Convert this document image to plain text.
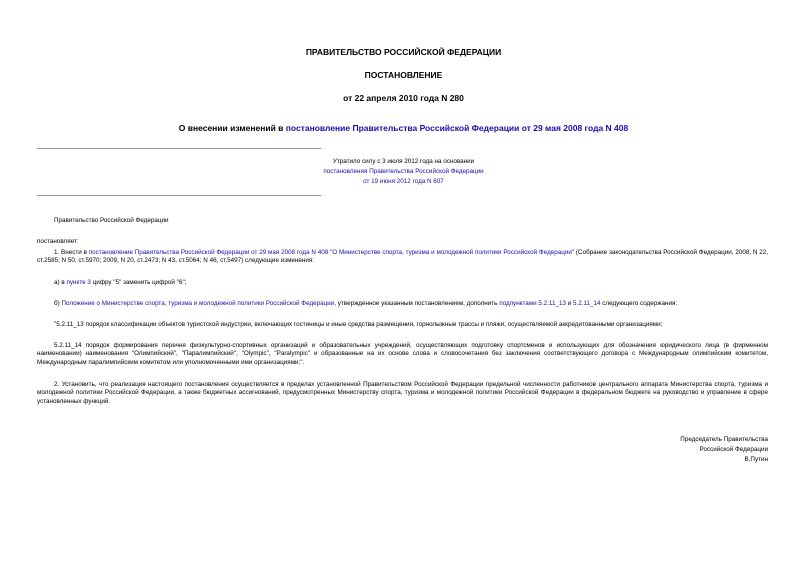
ПРАВИТЕЛЬСТВО РОССИЙСКОЙ ФЕДЕРАЦИИ
ПОСТАНОВЛЕНИЕ
от 22 апреля 2010 года N 280
О внесении изменений в постановление Правительства Российской Федерации от 29 мая 2008 года N 408
Утратило силу с 3 июля 2012 года на основании
постановления Правительства Российской Федерации
от 19 июня 2012 года N 607
Правительство Российской Федерации
постановляет:
1. Внести в постановление Правительства Российской Федерации от 29 мая 2008 года N 408 "О Министерстве спорта, туризма и молодежной политики Российской Федерации" (Собрание законодательства Российской Федерации, 2008, N 22, ст.2585; N 50, ст.5970; 2009, N 20, ст.2473; N 43, ст.5064; N 46, ст.5497) следующие изменения:
а) в пункте 3 цифру "5" заменить цифрой "6";
б) Положение о Министерстве спорта, туризма и молодежной политики Российской Федерации, утвержденное указанным постановлением, дополнить подпунктами 5.2.11_13 и 5.2.11_14 следующего содержания:
"5.2.11_13 порядок классификации объектов туристской индустрии, включающих гостиницы и иные средства размещения, горнолыжные трассы и пляжи, осуществляемой аккредитованными организациями;
5.2.11_14 порядок формирования перечня физкультурно-спортивных организаций и образовательных учреждений, осуществляющих подготовку спортсменов и использующих для обозначения юридического лица (в фирменном наименовании) наименования "Олимпийский", "Паралимпийский", "Olympic", "Paralympic" и образованные на их основе слова и словосочетания без заключения соответствующего договора с Международным олимпийским комитетом, Международным паралимпийским комитетом или уполномоченными ими организациями;".
2. Установить, что реализация настоящего постановления осуществляется в пределах установленной Правительством Российской Федерации предельной численности работников центрального аппарата Министерства спорта, туризма и молодежной политики Российской Федерации, а также бюджетных ассигнований, предусмотренных Министерству спорта, туризма и молодежной политики Российской Федерации в федеральном бюджете на руководство и управление в сфере установленных функций.
Председатель Правительства
Российской Федерации
В.Путин
